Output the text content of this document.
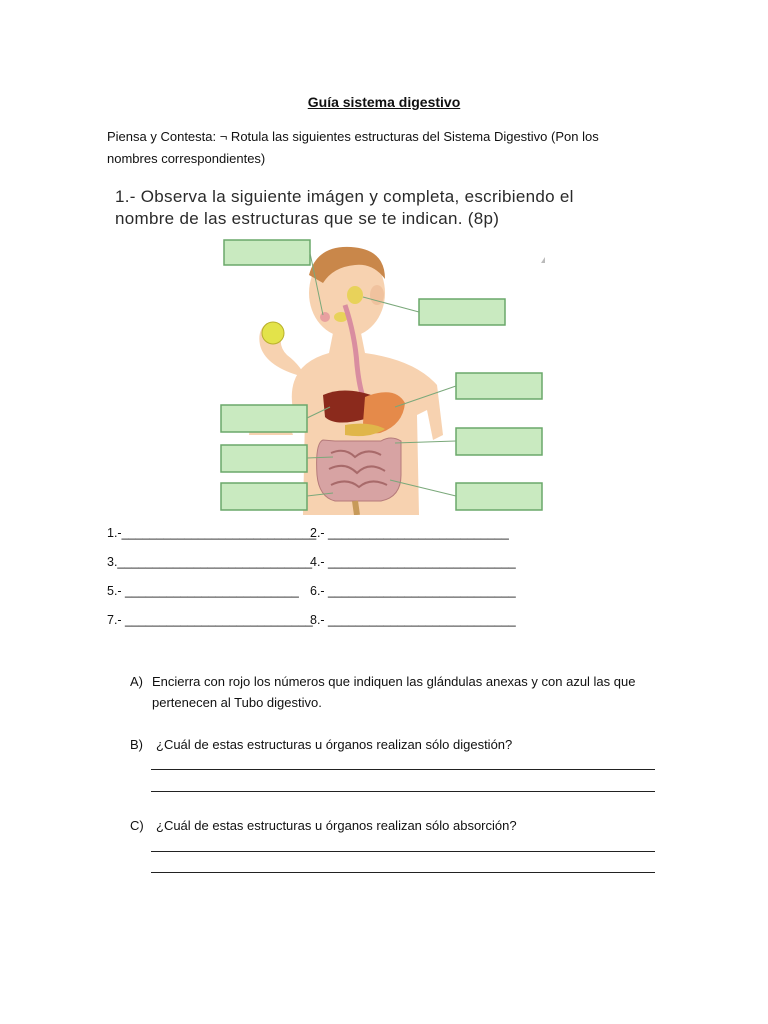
Guía sistema digestivo
Piensa y Contesta: ¬ Rotula las siguientes estructuras del Sistema Digestivo (Pon los nombres correspondientes)
1.- Observa la siguiente imágen y completa, escribiendo el
nombre de las estructuras que se te indican. (8p)
1.-____________________________
2.- __________________________
3.____________________________
4.- ___________________________
5.- _________________________ 6.- ___________________________
7.- ___________________________
8.- ___________________________
A) Encierra con rojo los números que indiquen las glándulas anexas y con azul las que pertenecen al Tubo digestivo.
B) ¿Cuál de estas estructuras u órganos realizan sólo digestión?
C) ¿Cuál de estas estructuras u órganos realizan sólo absorción?
